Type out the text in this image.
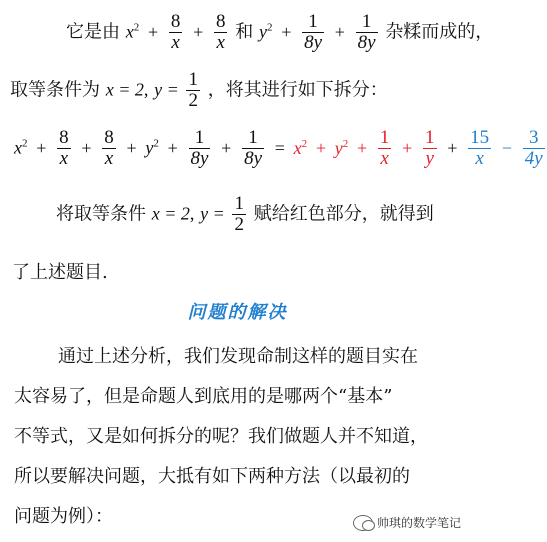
它是由 $x^2 + \frac{8}{x} + \frac{8}{x}$ 和 $y^2 + \frac{1}{8y} + \frac{1}{8y}$ 杂糅而成的，
取等条件为 x = 2, $y = \frac{1}{2}$ ，将其进行如下拆分：
$x^2 + \frac{8}{x} + \frac{8}{x} + y^2 + \frac{1}{8y} + \frac{1}{8y} = x^2 + y^2 + \frac{1}{x} + \frac{1}{y} + \frac{15}{x} - \frac{3}{4y}$
将取等条件 x = 2, $y = \frac{1}{2}$ 赋给红色部分，就得到
了上述题目.
问题的解决
通过上述分析，我们发现命制这样的题目实在
太容易了，但是命题人到底用的是哪两个“基本”
不等式，又是如何拆分的呢？我们做题人并不知道，
所以要解决问题，大抵有如下两种方法（以最初的
问题为例）：	帅琪的数学笔记
